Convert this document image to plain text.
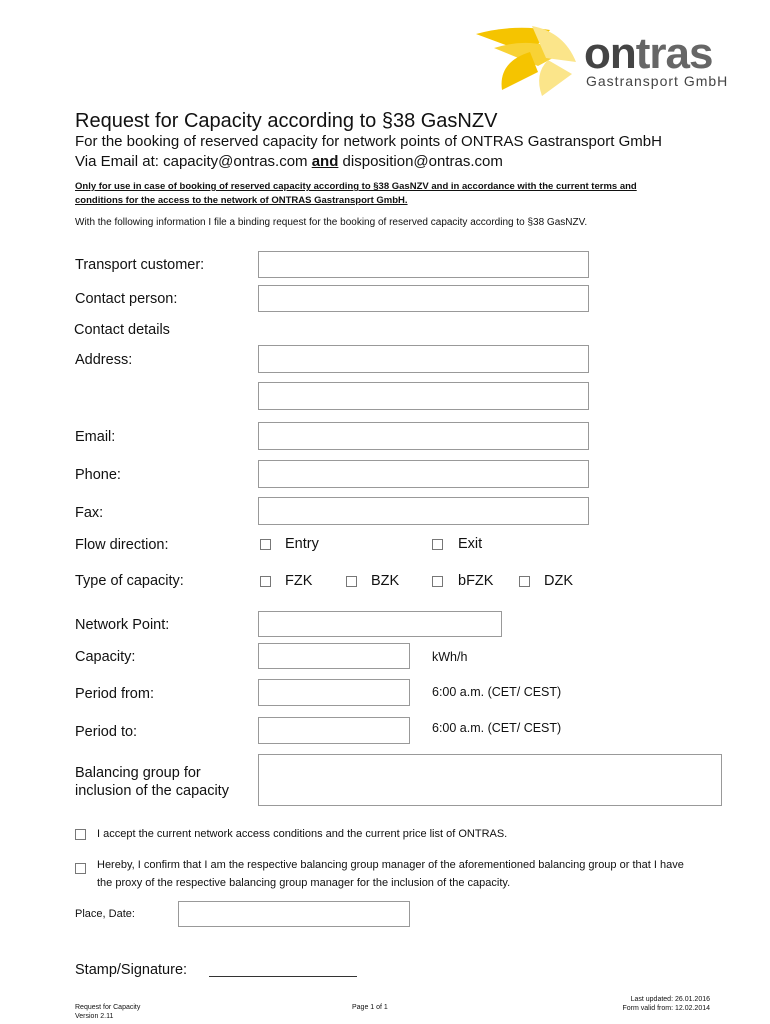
ontras
Gastransport GmbH
Request for Capacity according to §38 GasNZV
For the booking of reserved capacity for network points of ONTRAS Gastransport GmbH
Via Email at: capacity@ontras.com and disposition@ontras.com
Only for use in case of booking of reserved capacity according to §38 GasNZV and in accordance with the current terms and conditions for the access to the network of ONTRAS Gastransport GmbH.
With the following information I file a binding request for the booking of reserved capacity according to §38 GasNZV.
Transport customer:
Contact person:
Contact details
Address:
Email:
Phone:
Fax:
Flow direction:	Entry	Exit
Type of capacity:	FZK	BZK	bFZK	DZK
Network Point:
Capacity:	kWh/h
Period from:	6:00 a.m. (CET/ CEST)
Period to:	6:00 a.m. (CET/ CEST)
Balancing group for
inclusion of the capacity
I accept the current network access conditions and the current price list of ONTRAS.
Hereby, I confirm that I am the respective balancing group manager of the aforementioned balancing group or that I have
the proxy of the respective balancing group manager for the inclusion of the capacity.
Place, Date:
Stamp/Signature:
Request for Capacity
Version 2.11
Page 1 of 1
Last updated: 26.01.2016
Form valid from: 12.02.2014
